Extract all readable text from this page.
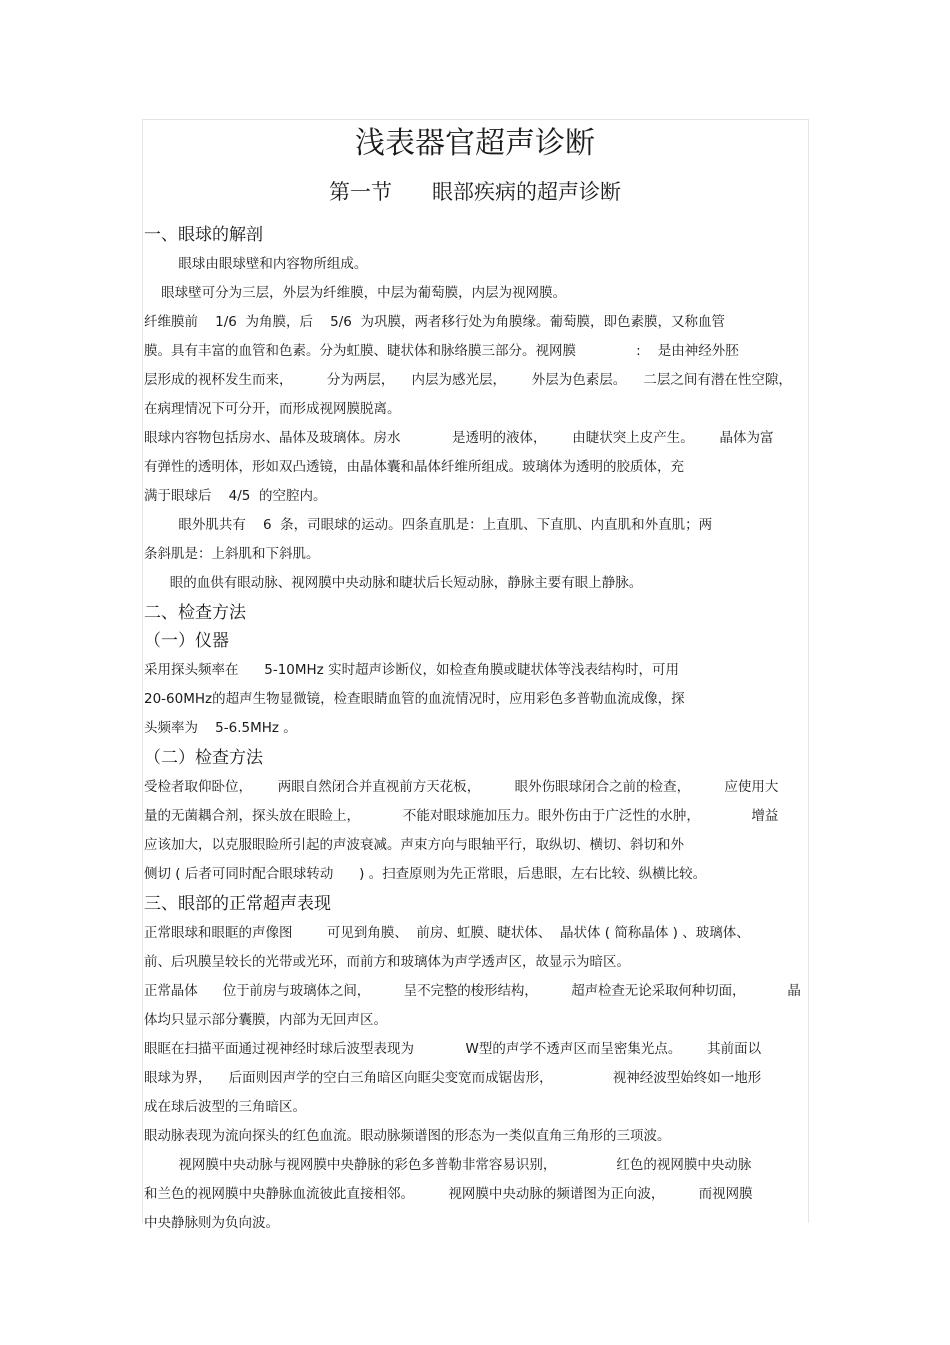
浅表器官超声诊断
第一节      眼部疾病的超声诊断
一、眼球的解剖
眼球由眼球壁和内容物所组成。
眼球壁可分为三层，外层为纤维膜，中层为葡萄膜，内层为视网膜。
纤维膜前    1/6  为角膜，后    5/6  为巩膜，两者移行处为角膜缘。葡萄膜，即色素膜，又称血管
膜。具有丰富的血管和色素。分为虹膜、睫状体和脉络膜三部分。视网膜              :    是由神经外胚
层形成的视杯发生而来，        分为两层，    内层为感光层，      外层为色素层。    二层之间有潜在性空隙，
在病理情况下可分开，而形成视网膜脱离。
眼球内容物包括房水、晶体及玻璃体。房水            是透明的液体，      由睫状突上皮产生。      晶体为富
有弹性的透明体，形如双凸透镜，由晶体囊和晶体纤维所组成。玻璃体为透明的胶质体，充
满于眼球后    4/5  的空腔内。
眼外肌共有    6  条，司眼球的运动。四条直肌是：上直肌、下直肌、内直肌和外直肌；两
条斜肌是：上斜肌和下斜肌。
眼的血供有眼动脉、视网膜中央动脉和睫状后长短动脉，静脉主要有眼上静脉。
二、检查方法
（一）仪器
采用探头频率在      5-10MHz 实时超声诊断仪，如检查角膜或睫状体等浅表结构时，可用
20-60MHz的超声生物显微镜，检查眼睛血管的血流情况时，应用彩色多普勒血流成像，探
头频率为    5-6.5MHz 。
（二）检查方法
受检者取仰卧位，      两眼自然闭合并直视前方天花板，        眼外伤眼球闭合之前的检查，        应使用大
量的无菌耦合剂，探头放在眼睑上，          不能对眼球施加压力。眼外伤由于广泛性的水肿，            增益
应该加大，以克服眼睑所引起的声波衰减。声束方向与眼轴平行，取纵切、横切、斜切和外
侧切 ( 后者可同时配合眼球转动      ) 。扫查原则为先正常眼，后患眼，左右比较、纵横比较。
三、眼部的正常超声表现
正常眼球和眼眶的声像图        可见到角膜、  前房、虹膜、睫状体、  晶状体 ( 简称晶体 ) 、玻璃体、
前、后巩膜呈较长的光带或光环，而前方和玻璃体为声学透声区，故显示为暗区。
正常晶体      位于前房与玻璃体之间，        呈不完整的梭形结构，        超声检查无论采取何种切面，          晶
体均只显示部分囊膜，内部为无回声区。
眼眶在扫描平面通过视神经时球后波型表现为            W型的声学不透声区而呈密集光点。      其前面以
眼球为界，    后面则因声学的空白三角暗区向眶尖变宽而成锯齿形，              视神经波型始终如一地形
成在球后波型的三角暗区。
眼动脉表现为流向探头的红色血流。眼动脉频谱图的形态为一类似直角三角形的三项波。
视网膜中央动脉与视网膜中央静脉的彩色多普勒非常容易识别，              红色的视网膜中央动脉
和兰色的视网膜中央静脉血流彼此直接相邻。        视网膜中央动脉的频谱图为正向波，        而视网膜
中央静脉则为负向波。
